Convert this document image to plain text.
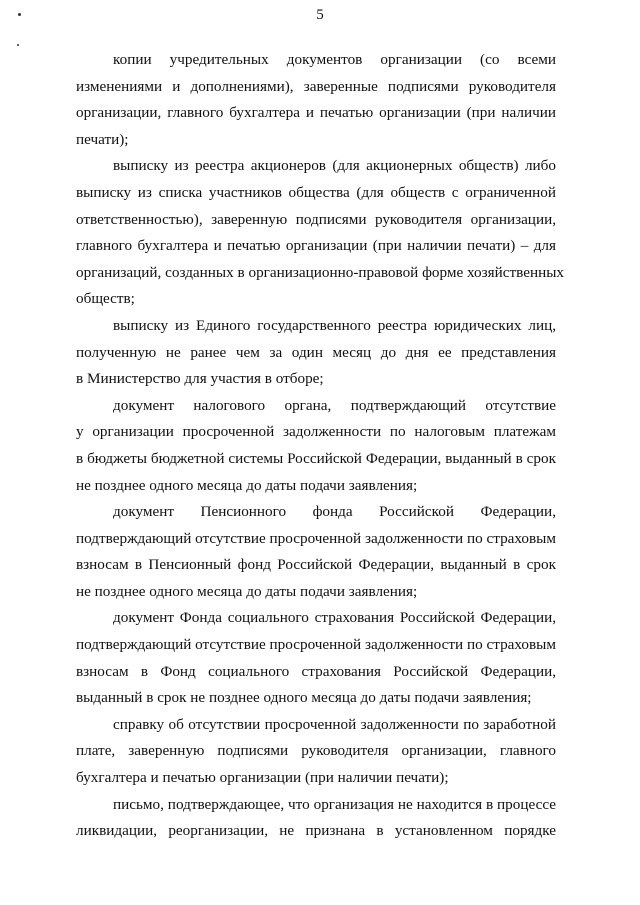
5
копии учредительных документов организации (со всеми
изменениями и дополнениями), заверенные подписями руководителя
организации, главного бухгалтера и печатью организации (при наличии
печати);
выписку из реестра акционеров (для акционерных обществ) либо
выписку из списка участников общества (для обществ с ограниченной
ответственностью), заверенную подписями руководителя организации,
главного бухгалтера и печатью организации (при наличии печати) – для
организаций, созданных в организационно-правовой форме хозяйственных
обществ;
выписку из Единого государственного реестра юридических лиц,
полученную не ранее чем за один месяц до дня ее представления
в Министерство для участия в отборе;
документ налогового органа, подтверждающий отсутствие
у организации просроченной задолженности по налоговым платежам
в бюджеты бюджетной системы Российской Федерации, выданный в срок
не позднее одного месяца до даты подачи заявления;
документ Пенсионного фонда Российской Федерации,
подтверждающий отсутствие просроченной задолженности по страховым
взносам в Пенсионный фонд Российской Федерации, выданный в срок
не позднее одного месяца до даты подачи заявления;
документ Фонда социального страхования Российской Федерации,
подтверждающий отсутствие просроченной задолженности по страховым
взносам в Фонд социального страхования Российской Федерации,
выданный в срок не позднее одного месяца до даты подачи заявления;
справку об отсутствии просроченной задолженности по заработной
плате, заверенную подписями руководителя организации, главного
бухгалтера и печатью организации (при наличии печати);
письмо, подтверждающее, что организация не находится в процессе
ликвидации, реорганизации, не признана в установленном порядке
